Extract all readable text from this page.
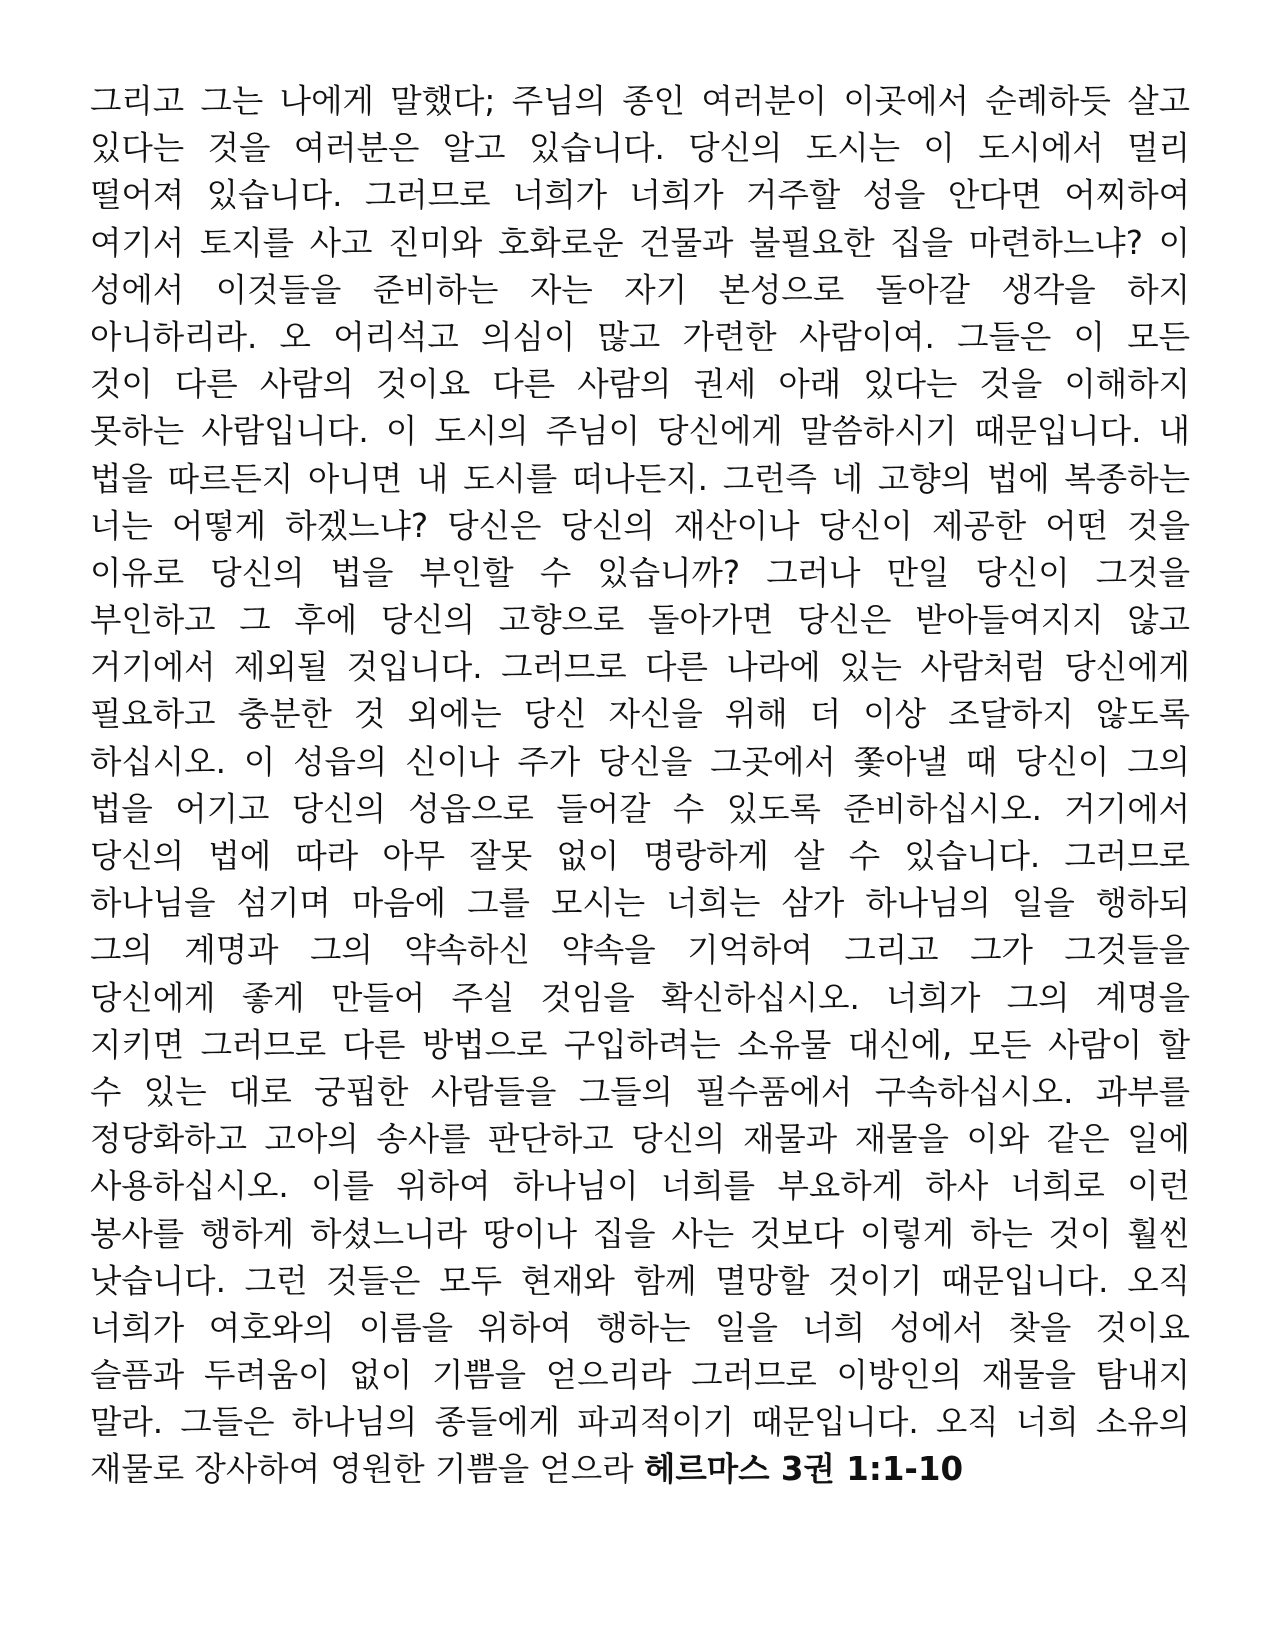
그리고 그는 나에게 말했다; 주님의 종인 여러분이 이곳에서 순례하듯 살고
있다는 것을 여러분은 알고 있습니다. 당신의 도시는 이 도시에서 멀리
떨어져 있습니다. 그러므로 너희가 너희가 거주할 성을 안다면 어찌하여
여기서 토지를 사고 진미와 호화로운 건물과 불필요한 집을 마련하느냐? 이
성에서 이것들을 준비하는 자는 자기 본성으로 돌아갈 생각을 하지
아니하리라. 오 어리석고 의심이 많고 가련한 사람이여. 그들은 이 모든
것이 다른 사람의 것이요 다른 사람의 권세 아래 있다는 것을 이해하지
못하는 사람입니다. 이 도시의 주님이 당신에게 말씀하시기 때문입니다. 내
법을 따르든지 아니면 내 도시를 떠나든지. 그런즉 네 고향의 법에 복종하는
너는 어떻게 하겠느냐? 당신은 당신의 재산이나 당신이 제공한 어떤 것을
이유로 당신의 법을 부인할 수 있습니까? 그러나 만일 당신이 그것을
부인하고 그 후에 당신의 고향으로 돌아가면 당신은 받아들여지지 않고
거기에서 제외될 것입니다. 그러므로 다른 나라에 있는 사람처럼 당신에게
필요하고 충분한 것 외에는 당신 자신을 위해 더 이상 조달하지 않도록
하십시오. 이 성읍의 신이나 주가 당신을 그곳에서 쫓아낼 때 당신이 그의
법을 어기고 당신의 성읍으로 들어갈 수 있도록 준비하십시오. 거기에서
당신의 법에 따라 아무 잘못 없이 명랑하게 살 수 있습니다. 그러므로
하나님을 섬기며 마음에 그를 모시는 너희는 삼가 하나님의 일을 행하되
그의 계명과 그의 약속하신 약속을 기억하여 그리고 그가 그것들을
당신에게 좋게 만들어 주실 것임을 확신하십시오. 너희가 그의 계명을
지키면 그러므로 다른 방법으로 구입하려는 소유물 대신에, 모든 사람이 할
수 있는 대로 궁핍한 사람들을 그들의 필수품에서 구속하십시오. 과부를
정당화하고 고아의 송사를 판단하고 당신의 재물과 재물을 이와 같은 일에
사용하십시오. 이를 위하여 하나님이 너희를 부요하게 하사 너희로 이런
봉사를 행하게 하셨느니라 땅이나 집을 사는 것보다 이렇게 하는 것이 훨씬
낫습니다. 그런 것들은 모두 현재와 함께 멸망할 것이기 때문입니다. 오직
너희가 여호와의 이름을 위하여 행하는 일을 너희 성에서 찾을 것이요
슬픔과 두려움이 없이 기쁨을 얻으리라 그러므로 이방인의 재물을 탐내지
말라. 그들은 하나님의 종들에게 파괴적이기 때문입니다. 오직 너희 소유의
재물로 장사하여 영원한 기쁨을 얻으라 헤르마스 3권 1:1-10
